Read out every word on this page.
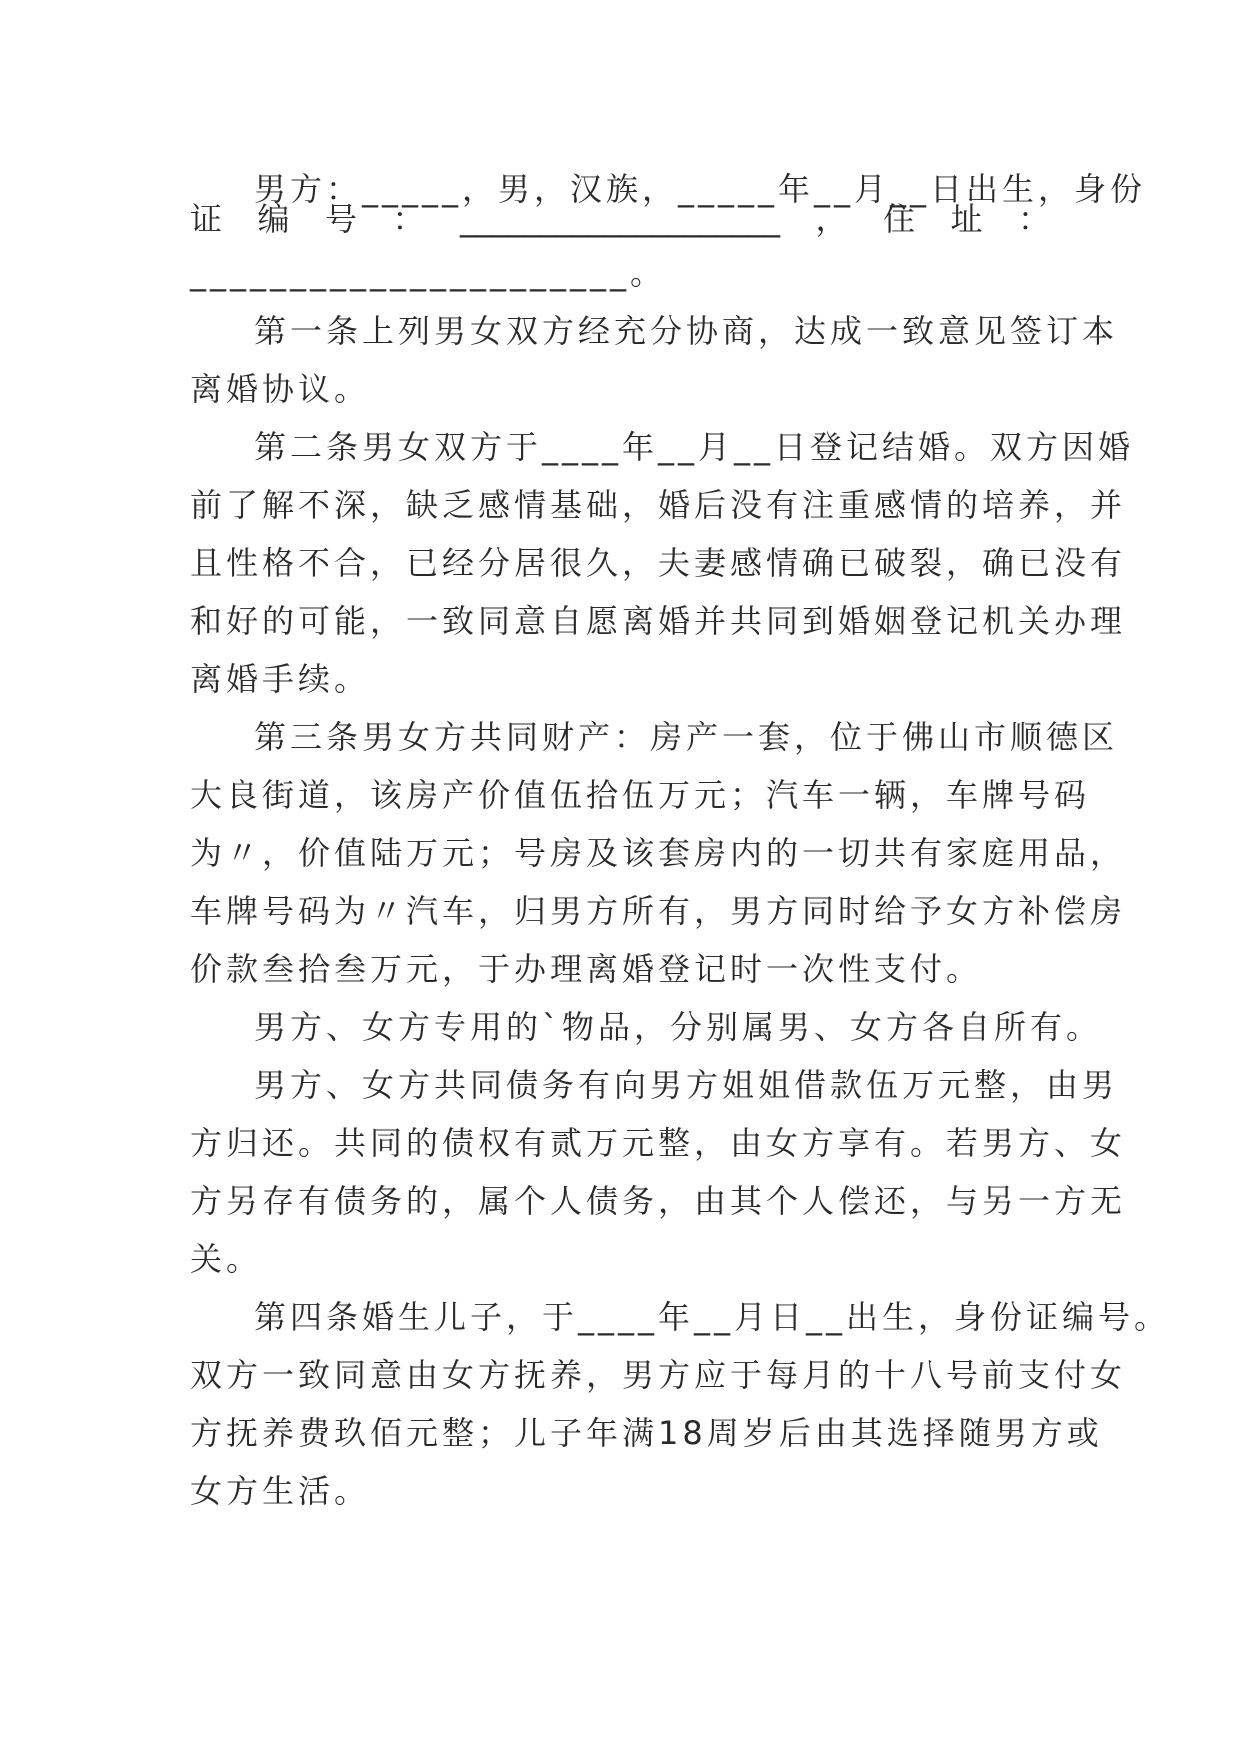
男方：_____，男，汉族，_____年__月__日出生，身份

证 编 号 ： ____________________ ， 住 址 ：

______________________。

第一条上列男女双方经充分协商，达成一致意见签订本

离婚协议。

第二条男女双方于____年__月__日登记结婚。双方因婚

前了解不深，缺乏感情基础，婚后没有注重感情的培养，并

且性格不合，已经分居很久，夫妻感情确已破裂，确已没有

和好的可能，一致同意自愿离婚并共同到婚姻登记机关办理

离婚手续。

第三条男女方共同财产：房产一套，位于佛山市顺德区

大良街道，该房产价值伍拾伍万元；汽车一辆，车牌号码

为〃，价值陆万元；号房及该套房内的一切共有家庭用品，

车牌号码为〃汽车，归男方所有，男方同时给予女方补偿房

价款叁拾叁万元，于办理离婚登记时一次性支付。

男方、女方专用的`物品，分别属男、女方各自所有。

男方、女方共同债务有向男方姐姐借款伍万元整，由男

方归还。共同的债权有贰万元整，由女方享有。若男方、女

方另存有债务的，属个人债务，由其个人偿还，与另一方无

关。

第四条婚生儿子，于____年__月日__出生，身份证编号。

双方一致同意由女方抚养，男方应于每月的十八号前支付女

方抚养费玖佰元整；儿子年满18周岁后由其选择随男方或

女方生活。
